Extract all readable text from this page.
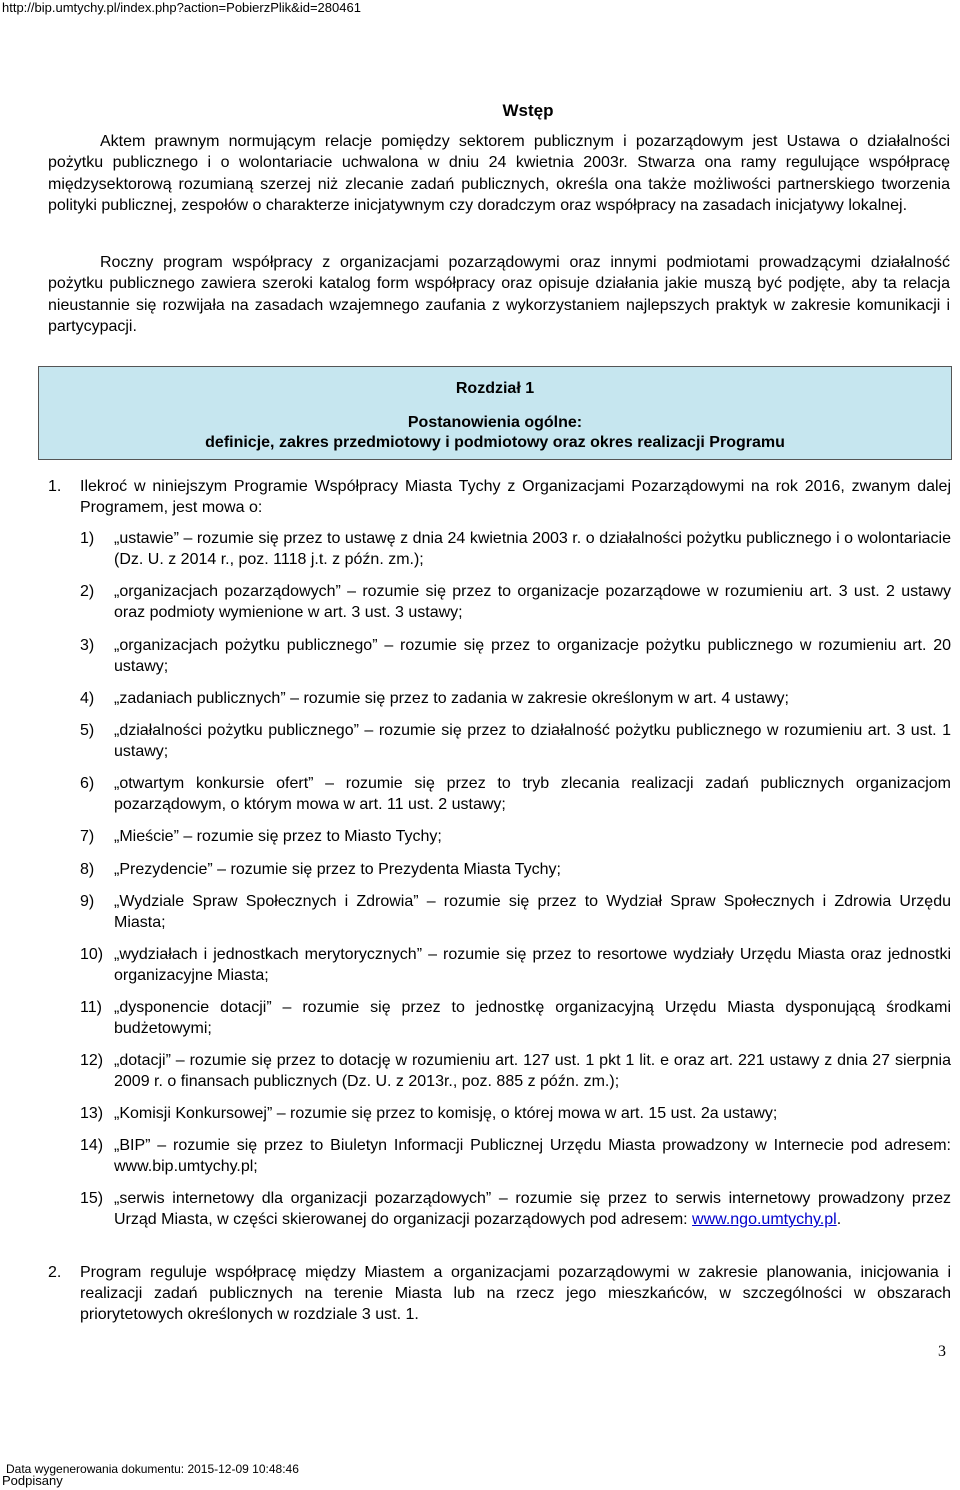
http://bip.umtychy.pl/index.php?action=PobierzPlik&id=280461
Wstęp

Aktem prawnym normującym relacje pomiędzy sektorem publicznym i pozarządowym jest Ustawa o działalności pożytku publicznego i o wolontariacie uchwalona w dniu 24 kwietnia 2003r. Stwarza ona ramy regulujące współpracę międzysektorową rozumianą szerzej niż zlecanie zadań publicznych, określa ona także możliwości partnerskiego tworzenia polityki publicznej, zespołów o charakterze inicjatywnym czy doradczym oraz współpracy na zasadach inicjatywy lokalnej.

Roczny program współpracy z organizacjami pozarządowymi oraz innymi podmiotami prowadzącymi działalność pożytku publicznego zawiera szeroki katalog form współpracy oraz opisuje działania jakie muszą być podjęte, aby ta relacja nieustannie się rozwijała na zasadach wzajemnego zaufania z wykorzystaniem najlepszych praktyk w zakresie komunikacji i partycypacji.

Rozdział 1
Postanowienia ogólne:
definicje, zakres przedmiotowy i podmiotowy oraz okres realizacji Programu
1. Ilekroć w niniejszym Programie Współpracy Miasta Tychy z Organizacjami Pozarządowymi na rok 2016, zwanym dalej Programem, jest mowa o:
1) „ustawie” – rozumie się przez to ustawę z dnia 24 kwietnia 2003 r. o działalności pożytku publicznego i o wolontariacie (Dz. U. z 2014 r., poz. 1118 j.t. z późn. zm.);
2) „organizacjach pozarządowych” – rozumie się przez to organizacje pozarządowe w rozumieniu art. 3 ust. 2 ustawy oraz podmioty wymienione w art. 3 ust. 3 ustawy;
3) „organizacjach pożytku publicznego” – rozumie się przez to organizacje pożytku publicznego w rozumieniu art. 20 ustawy;
4) „zadaniach publicznych” – rozumie się przez to zadania w zakresie określonym w art. 4 ustawy;
5) „działalności pożytku publicznego” – rozumie się przez to działalność pożytku publicznego w rozumieniu art. 3 ust. 1 ustawy;
6) „otwartym konkursie ofert” – rozumie się przez to tryb zlecania realizacji zadań publicznych organizacjom pozarządowym, o którym mowa w art. 11 ust. 2 ustawy;
7) „Mieście” – rozumie się przez to Miasto Tychy;
8) „Prezydencie” – rozumie się przez to Prezydenta Miasta Tychy;
9) „Wydziale Spraw Społecznych i Zdrowia” – rozumie się przez to Wydział Spraw Społecznych i Zdrowia Urzędu Miasta;
10) „wydziałach i jednostkach merytorycznych” – rozumie się przez to resortowe wydziały Urzędu Miasta oraz jednostki organizacyjne Miasta;
11) „dysponencie dotacji” – rozumie się przez to jednostkę organizacyjną Urzędu Miasta dysponującą środkami budżetowymi;
12) „dotacji” – rozumie się przez to dotację w rozumieniu art. 127 ust. 1 pkt 1 lit. e oraz art. 221 ustawy z dnia 27 sierpnia 2009 r. o finansach publicznych (Dz. U. z 2013r., poz. 885 z późn. zm.);
13) „Komisji Konkursowej” – rozumie się przez to komisję, o której mowa w art. 15 ust. 2a ustawy;
14) „BIP” – rozumie się przez to Biuletyn Informacji Publicznej Urzędu Miasta prowadzony w Internecie pod adresem: www.bip.umtychy.pl;
15) „serwis internetowy dla organizacji pozarządowych” – rozumie się przez to serwis internetowy prowadzony przez Urząd Miasta, w części skierowanej do organizacji pozarządowych pod adresem: www.ngo.umtychy.pl.
2. Program reguluje współpracę między Miastem a organizacjami pozarządowymi w zakresie planowania, inicjowania i realizacji zadań publicznych na terenie Miasta lub na rzecz jego mieszkańców, w szczególności w obszarach priorytetowych określonych w rozdziale 3 ust. 1.
3
Data wygenerowania dokumentu: 2015-12-09 10:48:46
Podpisany
